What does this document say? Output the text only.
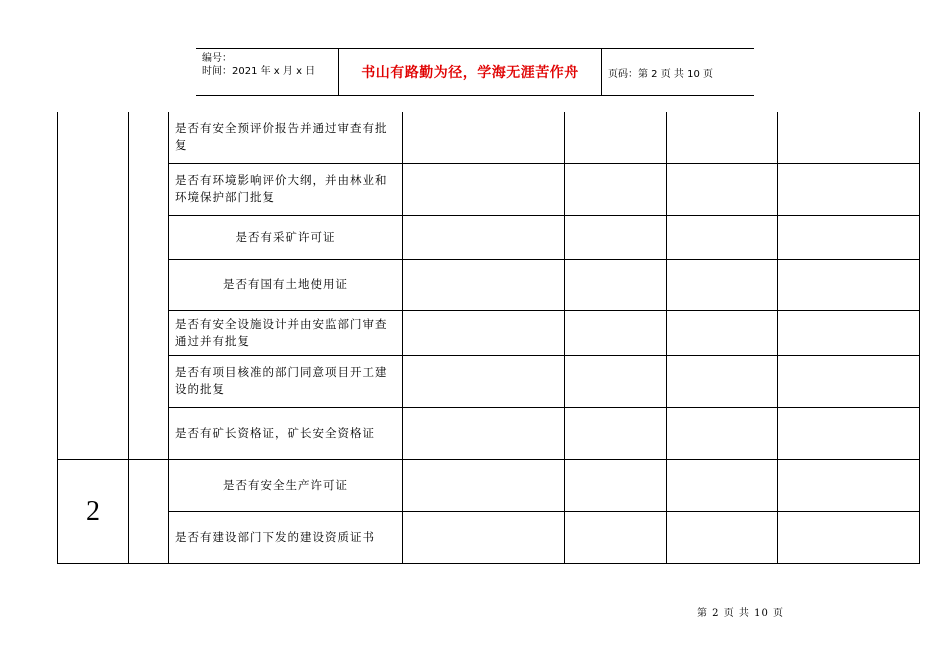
编号：
时间：2021 年 x 月 x 日	书山有路勤为径，学海无涯苦作舟	页码：第 2 页 共 10 页
		是否有安全预评价报告并通过审查有批复				
		是否有环境影响评价大纲，并由林业和环境保护部门批复				
		是否有采矿许可证				
		是否有国有土地使用证				
		是否有安全设施设计并由安监部门审查通过并有批复				
		是否有项目核准的部门同意项目开工建设的批复				
		是否有矿长资格证，矿长安全资格证				
2		是否有安全生产许可证				
		是否有建设部门下发的建设资质证书				
第 2 页 共 10 页
